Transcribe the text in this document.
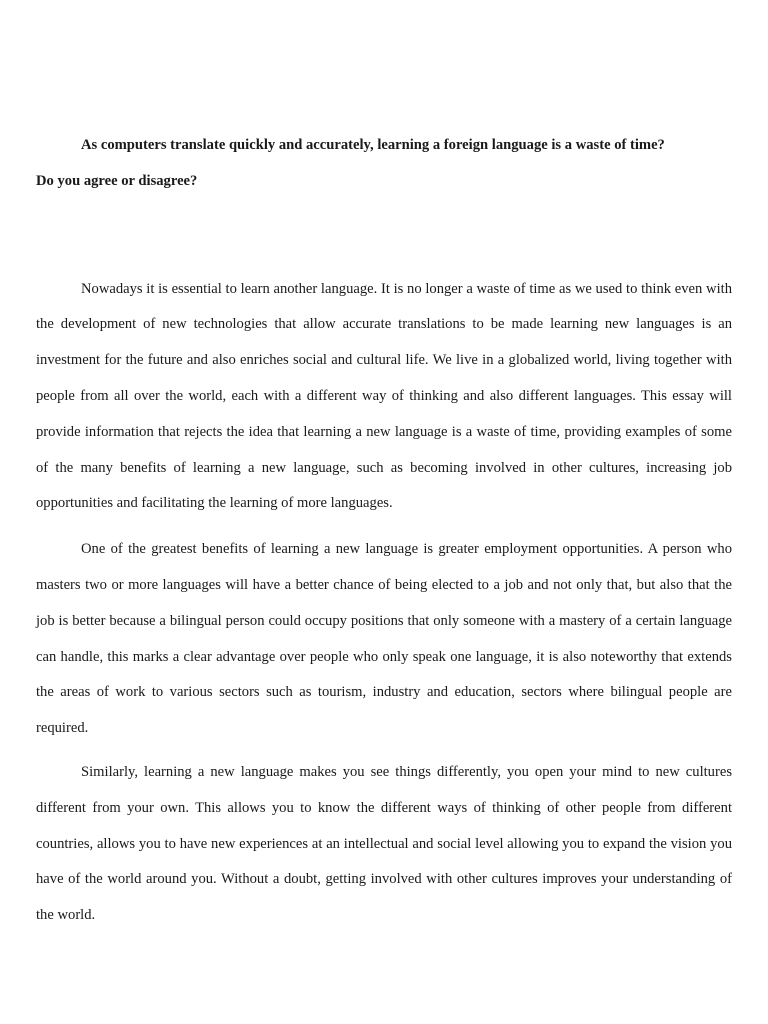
As computers translate quickly and accurately, learning a foreign language is a waste of time?
Do you agree or disagree?

Nowadays it is essential to learn another language. It is no longer a waste of time as we used to think even with the development of new technologies that allow accurate translations to be made learning new languages is an investment for the future and also enriches social and cultural life. We live in a globalized world, living together with people from all over the world, each with a different way of thinking and also different languages. This essay will provide information that rejects the idea that learning a new language is a waste of time, providing examples of some of the many benefits of learning a new language, such as becoming involved in other cultures, increasing job opportunities and facilitating the learning of more languages.

One of the greatest benefits of learning a new language is greater employment opportunities. A person who masters two or more languages will have a better chance of being elected to a job and not only that, but also that the job is better because a bilingual person could occupy positions that only someone with a mastery of a certain language can handle, this marks a clear advantage over people who only speak one language, it is also noteworthy that extends the areas of work to various sectors such as tourism, industry and education, sectors where bilingual people are required.

Similarly, learning a new language makes you see things differently, you open your mind to new cultures different from your own. This allows you to know the different ways of thinking of other people from different countries, allows you to have new experiences at an intellectual and social level allowing you to expand the vision you have of the world around you. Without a doubt, getting involved with other cultures improves your understanding of the world.
